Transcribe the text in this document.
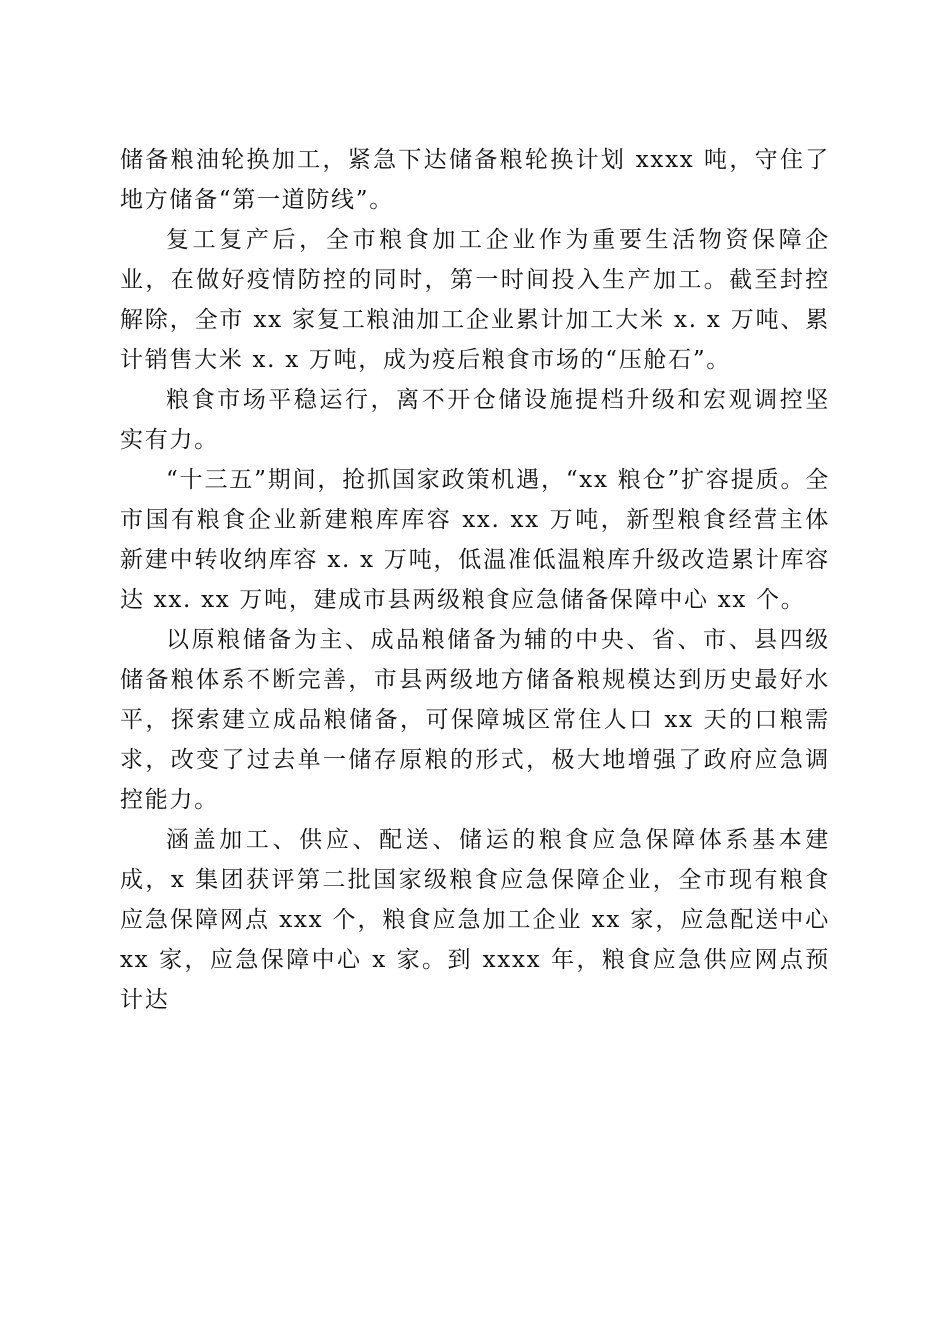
储备粮油轮换加工，紧急下达储备粮轮换计划 xxxx 吨，守住了地方储备“第一道防线”。

复工复产后，全市粮食加工企业作为重要生活物资保障企业，在做好疫情防控的同时，第一时间投入生产加工。截至封控解除，全市 xx 家复工粮油加工企业累计加工大米 x. x 万吨、累计销售大米 x. x 万吨，成为疫后粮食市场的“压舱石”。

粮食市场平稳运行，离不开仓储设施提档升级和宏观调控坚实有力。

“十三五”期间，抢抓国家政策机遇，“xx 粮仓”扩容提质。全市国有粮食企业新建粮库库容 xx. xx 万吨，新型粮食经营主体新建中转收纳库容 x. x 万吨，低温准低温粮库升级改造累计库容达 xx. xx 万吨，建成市县两级粮食应急储备保障中心 xx 个。

以原粮储备为主、成品粮储备为辅的中央、省、市、县四级储备粮体系不断完善，市县两级地方储备粮规模达到历史最好水平，探索建立成品粮储备，可保障城区常住人口 xx 天的口粮需求，改变了过去单一储存原粮的形式，极大地增强了政府应急调控能力。

涵盖加工、供应、配送、储运的粮食应急保障体系基本建成，x 集团获评第二批国家级粮食应急保障企业，全市现有粮食应急保障网点 xxx 个，粮食应急加工企业 xx 家，应急配送中心 xx 家，应急保障中心 x 家。到 xxxx 年，粮食应急供应网点预计达
